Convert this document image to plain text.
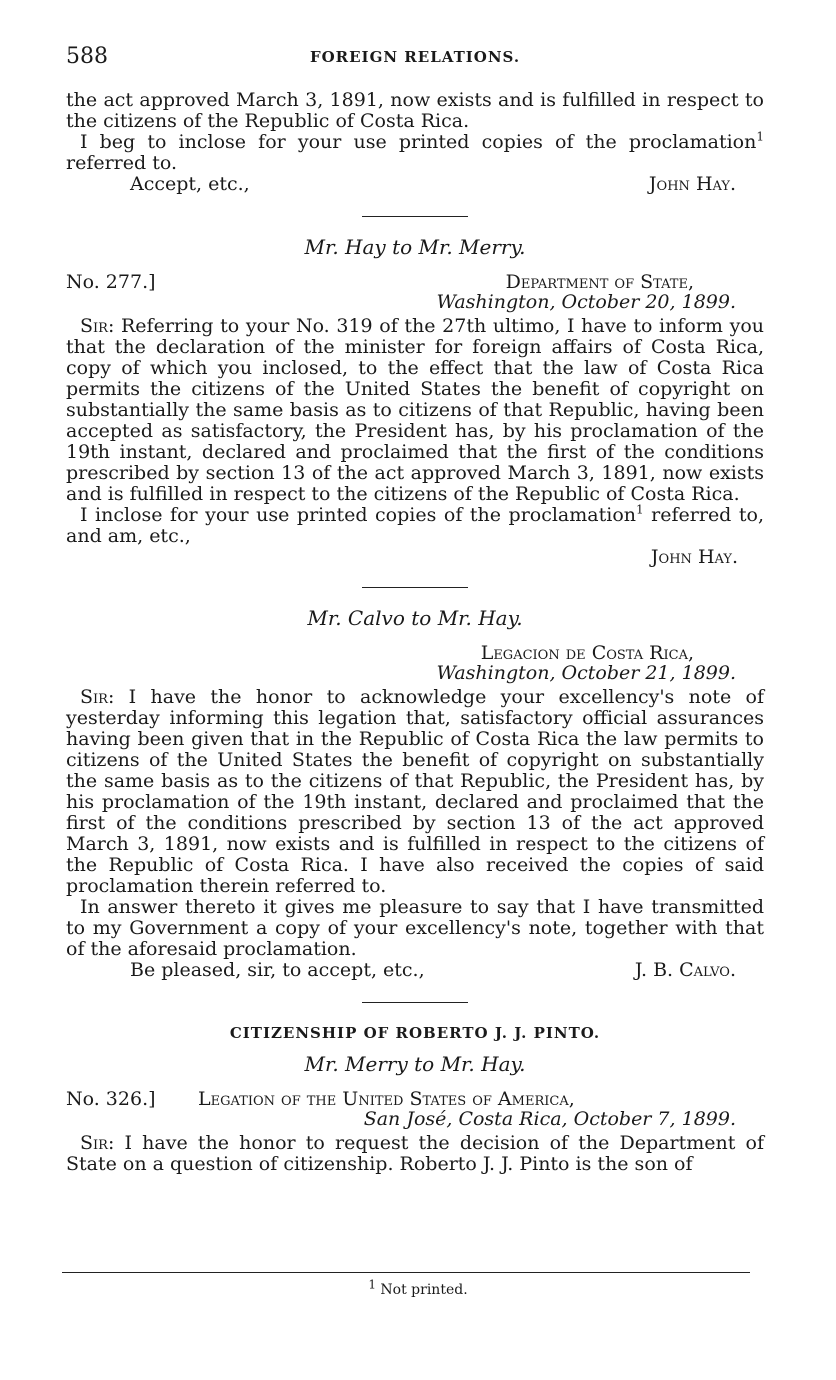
588	FOREIGN RELATIONS.

the act approved March 3, 1891, now exists and is fulfilled in respect to the citizens of the Republic of Costa Rica.

I beg to inclose for your use printed copies of the proclamation$^1$ referred to.

Accept, etc.,	John Hay.
Mr. Hay to Mr. Merry.
No. 277.]	Department of State,
Washington, October 20, 1899.

Sir: Referring to your No. 319 of the 27th ultimo, I have to inform you that the declaration of the minister for foreign affairs of Costa Rica, copy of which you inclosed, to the effect that the law of Costa Rica permits the citizens of the United States the benefit of copyright on substantially the same basis as to citizens of that Republic, having been accepted as satisfactory, the President has, by his proclamation of the 19th instant, declared and proclaimed that the first of the conditions prescribed by section 13 of the act approved March 3, 1891, now exists and is fulfilled in respect to the citizens of the Republic of Costa Rica.

I inclose for your use printed copies of the proclamation$^1$ referred to, and am, etc.,

John Hay.
Mr. Calvo to Mr. Hay.
Legacion de Costa Rica,
Washington, October 21, 1899.

Sir: I have the honor to acknowledge your excellency's note of yesterday informing this legation that, satisfactory official assurances having been given that in the Republic of Costa Rica the law permits to citizens of the United States the benefit of copyright on substantially the same basis as to the citizens of that Republic, the President has, by his proclamation of the 19th instant, declared and proclaimed that the first of the conditions prescribed by section 13 of the act approved March 3, 1891, now exists and is fulfilled in respect to the citizens of the Republic of Costa Rica. I have also received the copies of said proclamation therein referred to.

In answer thereto it gives me pleasure to say that I have transmitted to my Government a copy of your excellency's note, together with that of the aforesaid proclamation.

Be pleased, sir, to accept, etc.,	J. B. Calvo.
CITIZENSHIP OF ROBERTO J. J. PINTO.
Mr. Merry to Mr. Hay.
No. 326.] Legation of the United States of America,
San José, Costa Rica, October 7, 1899.

Sir: I have the honor to request the decision of the Department of State on a question of citizenship. Roberto J. J. Pinto is the son of

1 Not printed.
